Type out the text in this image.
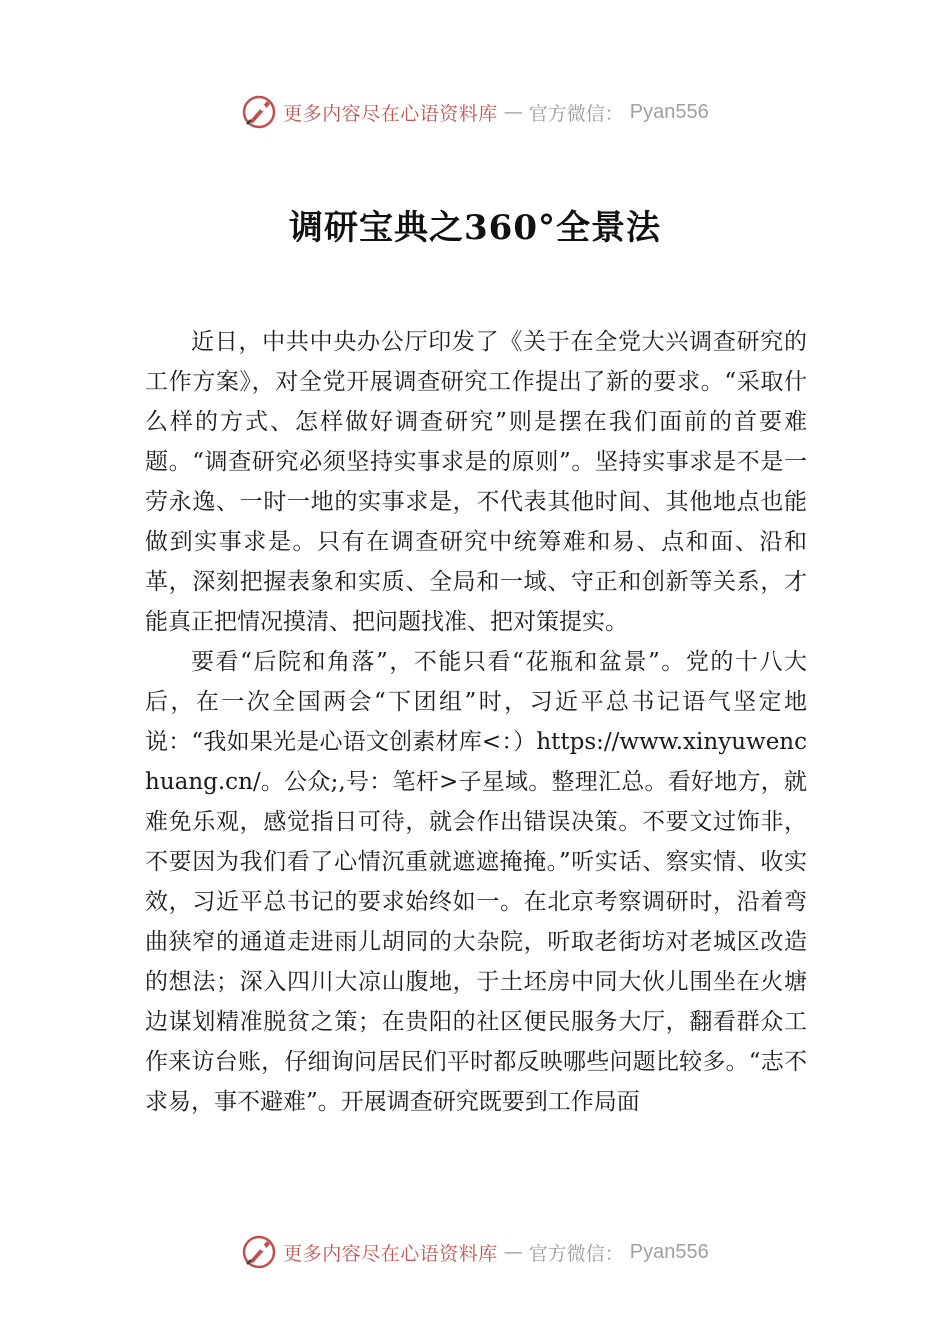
更多内容尽在心语资料库 — 官方微信： Pyan556
调研宝典之360°全景法

近日，中共中央办公厅印发了《关于在全党大兴调查研究的工作方案》，对全党开展调查研究工作提出了新的要求。“采取什么样的方式、怎样做好调查研究”则是摆在我们面前的首要难题。“调查研究必须坚持实事求是的原则”。坚持实事求是不是一劳永逸、一时一地的实事求是，不代表其他时间、其他地点也能做到实事求是。只有在调查研究中统筹难和易、点和面、沿和革，深刻把握表象和实质、全局和一域、守正和创新等关系，才能真正把情况摸清、把问题找准、把对策提实。

要看“后院和角落”，不能只看“花瓶和盆景”。党的十八大后，在一次全国两会“下团组”时，习近平总书记语气坚定地说：“我如果光是心语文创素材库<：）https://www.xinyuwenchuang.cn/。公众;,号：笔杆>子星域。整理汇总。看好地方，就难免乐观，感觉指日可待，就会作出错误决策。不要文过饰非，不要因为我们看了心情沉重就遮遮掩掩。”听实话、察实情、收实效，习近平总书记的要求始终如一。在北京考察调研时，沿着弯曲狭窄的通道走进雨儿胡同的大杂院，听取老街坊对老城区改造的想法；深入四川大凉山腹地，于土坯房中同大伙儿围坐在火塘边谋划精准脱贫之策；在贵阳的社区便民服务大厅，翻看群众工作来访台账，仔细询问居民们平时都反映哪些问题比较多。“志不求易，事不避难”。开展调查研究既要到工作局面

更多内容尽在心语资料库 — 官方微信： Pyan556
